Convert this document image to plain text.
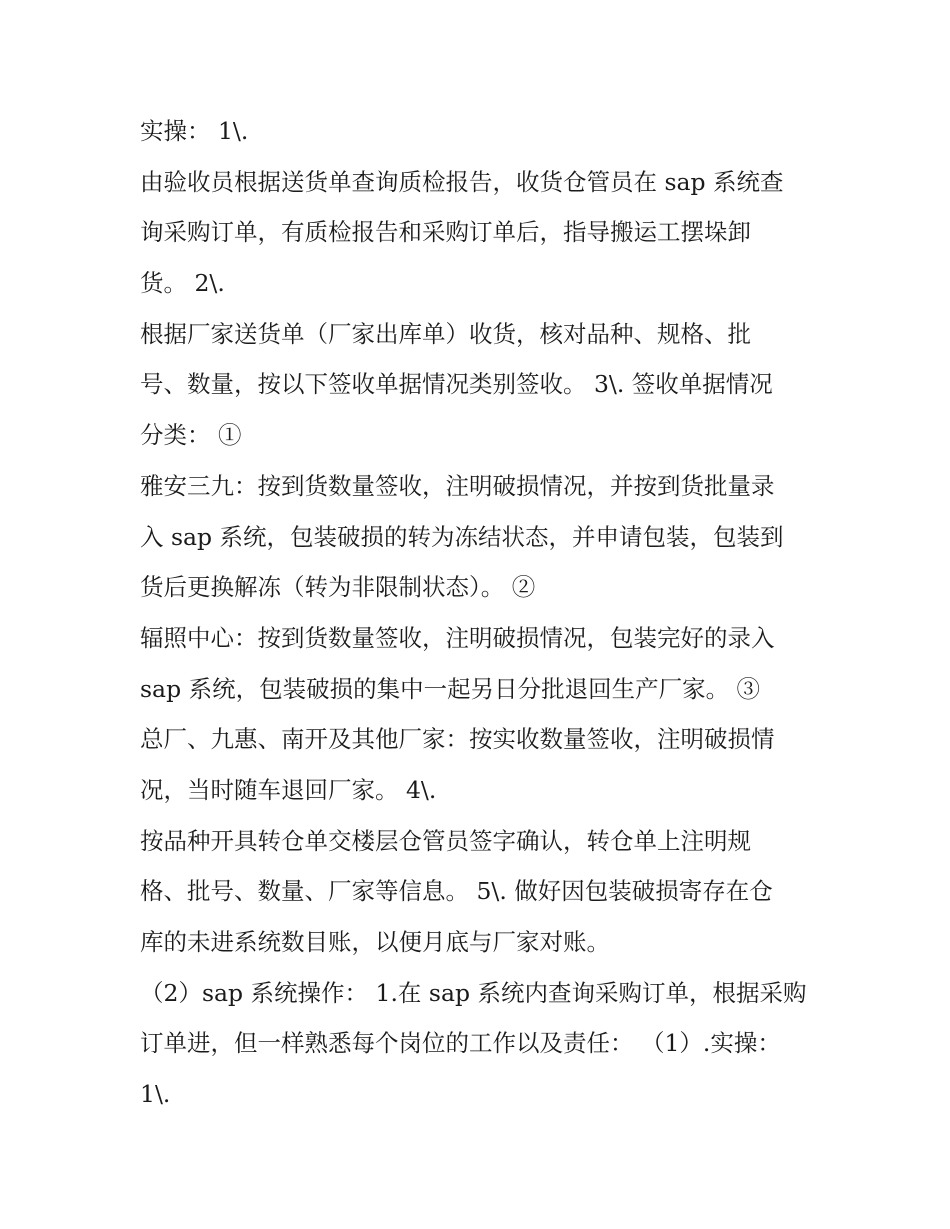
实操： 1\.
由验收员根据送货单查询质检报告，收货仓管员在 sap 系统查
询采购订单，有质检报告和采购订单后，指导搬运工摆垛卸
货。 2\.
根据厂家送货单（厂家出库单）收货，核对品种、规格、批
号、数量，按以下签收单据情况类别签收。 3\. 签收单据情况
分类： ①
雅安三九：按到货数量签收，注明破损情况，并按到货批量录
入 sap 系统，包装破损的转为冻结状态，并申请包装，包装到
货后更换解冻（转为非限制状态）。 ②
辐照中心：按到货数量签收，注明破损情况，包装完好的录入
sap 系统，包装破损的集中一起另日分批退回生产厂家。 ③
总厂、九惠、南开及其他厂家：按实收数量签收，注明破损情
况，当时随车退回厂家。 4\.
按品种开具转仓单交楼层仓管员签字确认，转仓单上注明规
格、批号、数量、厂家等信息。 5\. 做好因包装破损寄存在仓
库的未进系统数目账，以便月底与厂家对账。
（2）sap 系统操作： 1.在 sap 系统内查询采购订单，根据采购
订单进，但一样熟悉每个岗位的工作以及责任： （1）.实操：
1\.
